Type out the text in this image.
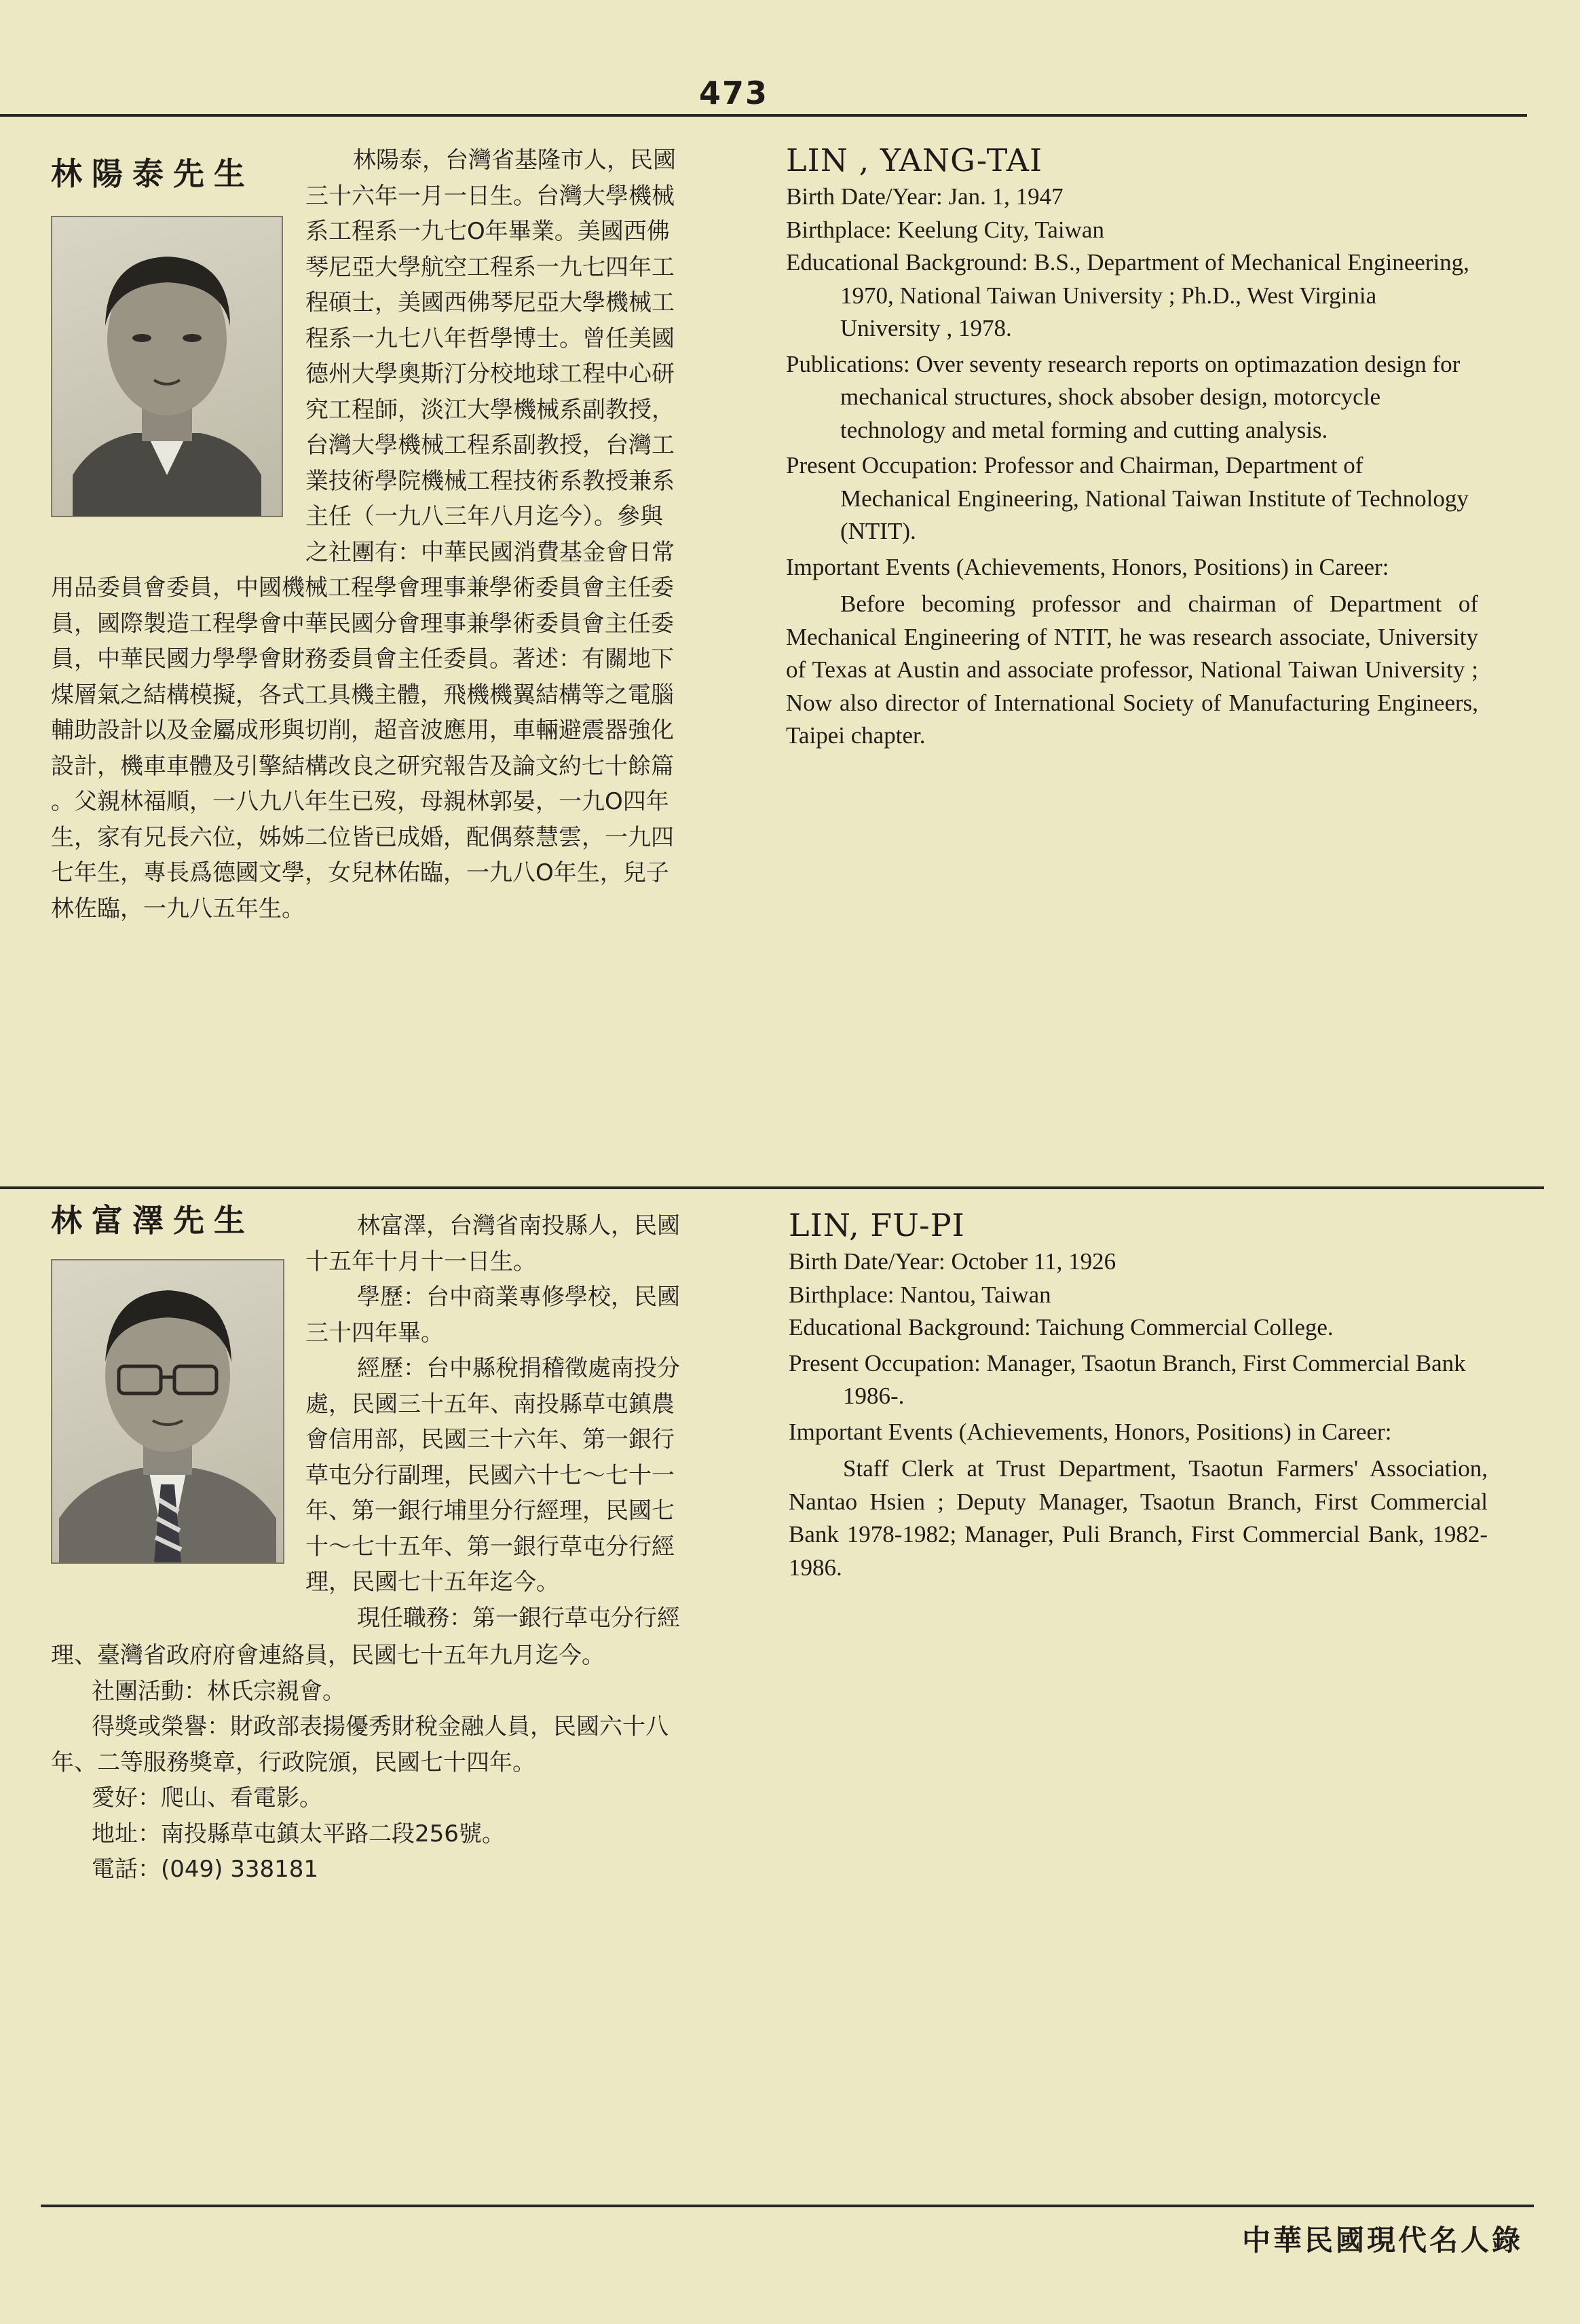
473
林陽泰先生	林陽泰，台灣省基隆市人，民國
三十六年一月一日生。台灣大學機械
系工程系一九七O年畢業。美國西佛
琴尼亞大學航空工程系一九七四年工
程碩士，美國西佛琴尼亞大學機械工
程系一九七八年哲學博士。曾任美國
德州大學奧斯汀分校地球工程中心研
究工程師，淡江大學機械系副教授，
台灣大學機械工程系副教授，台灣工
業技術學院機械工程技術系教授兼系
主任（一九八三年八月迄今）。參與
之社團有：中華民國消費基金會日常
用品委員會委員，中國機械工程學會理事兼學術委員會主任委
員，國際製造工程學會中華民國分會理事兼學術委員會主任委
員，中華民國力學學會財務委員會主任委員。著述：有關地下
煤層氣之結構模擬，各式工具機主體，飛機機翼結構等之電腦
輔助設計以及金屬成形與切削，超音波應用，車輛避震器強化
設計，機車車體及引擎結構改良之研究報告及論文約七十餘篇
。父親林福順，一八九八年生已歿，母親林郭晏，一九O四年
生，家有兄長六位，姊姊二位皆已成婚，配偶蔡慧雲，一九四
七年生，專長爲德國文學，女兒林佑臨，一九八O年生，兒子
林佐臨，一九八五年生。
LIN , YANG-TAI

Birth Date/Year: Jan. 1, 1947

Birthplace: Keelung City, Taiwan

Educational Background: B.S., Department of Mechanical Engineering, 1970, National Taiwan University ; Ph.D., West Virginia University , 1978.

Publications: Over seventy research reports on optimazation design for mechanical structures, shock absober design, motorcycle technology and metal forming and cutting analysis.

Present Occupation: Professor and Chairman, Department of Mechanical Engineering, National Taiwan Institute of Technology (NTIT).

Important Events (Achievements, Honors, Positions) in Career:

Before becoming professor and chairman of Department of Mechanical Engineering of NTIT, he was research associate, University of Texas at Austin and associate professor, National Taiwan University ; Now also director of International Society of Manufacturing Engineers, Taipei chapter.

林富澤先生	林富澤，台灣省南投縣人，民國
十五年十月十一日生。
學歷：台中商業專修學校，民國
三十四年畢。
經歷：台中縣稅捐稽徵處南投分
處，民國三十五年、南投縣草屯鎮農
會信用部，民國三十六年、第一銀行
草屯分行副理，民國六十七～七十一
年、第一銀行埔里分行經理，民國七
十～七十五年、第一銀行草屯分行經
理，民國七十五年迄今。
現任職務：第一銀行草屯分行經
理、臺灣省政府府會連絡員，民國七十五年九月迄今。
社團活動：林氏宗親會。
得獎或榮譽：財政部表揚優秀財稅金融人員，民國六十八
年、二等服務獎章，行政院頒，民國七十四年。
愛好：爬山、看電影。
地址：南投縣草屯鎮太平路二段256號。
電話：(049) 338181
LIN, FU-PI

Birth Date/Year: October 11, 1926

Birthplace: Nantou, Taiwan

Educational Background: Taichung Commercial College.

Present Occupation: Manager, Tsaotun Branch, First Commercial Bank 1986-.

Important Events (Achievements, Honors, Positions) in Career:

Staff Clerk at Trust Department, Tsaotun Farmers' Association, Nantao Hsien ; Deputy Manager, Tsaotun Branch, First Commercial Bank 1978-1982; Manager, Puli Branch, First Commercial Bank, 1982-1986.

中華民國現代名人錄
